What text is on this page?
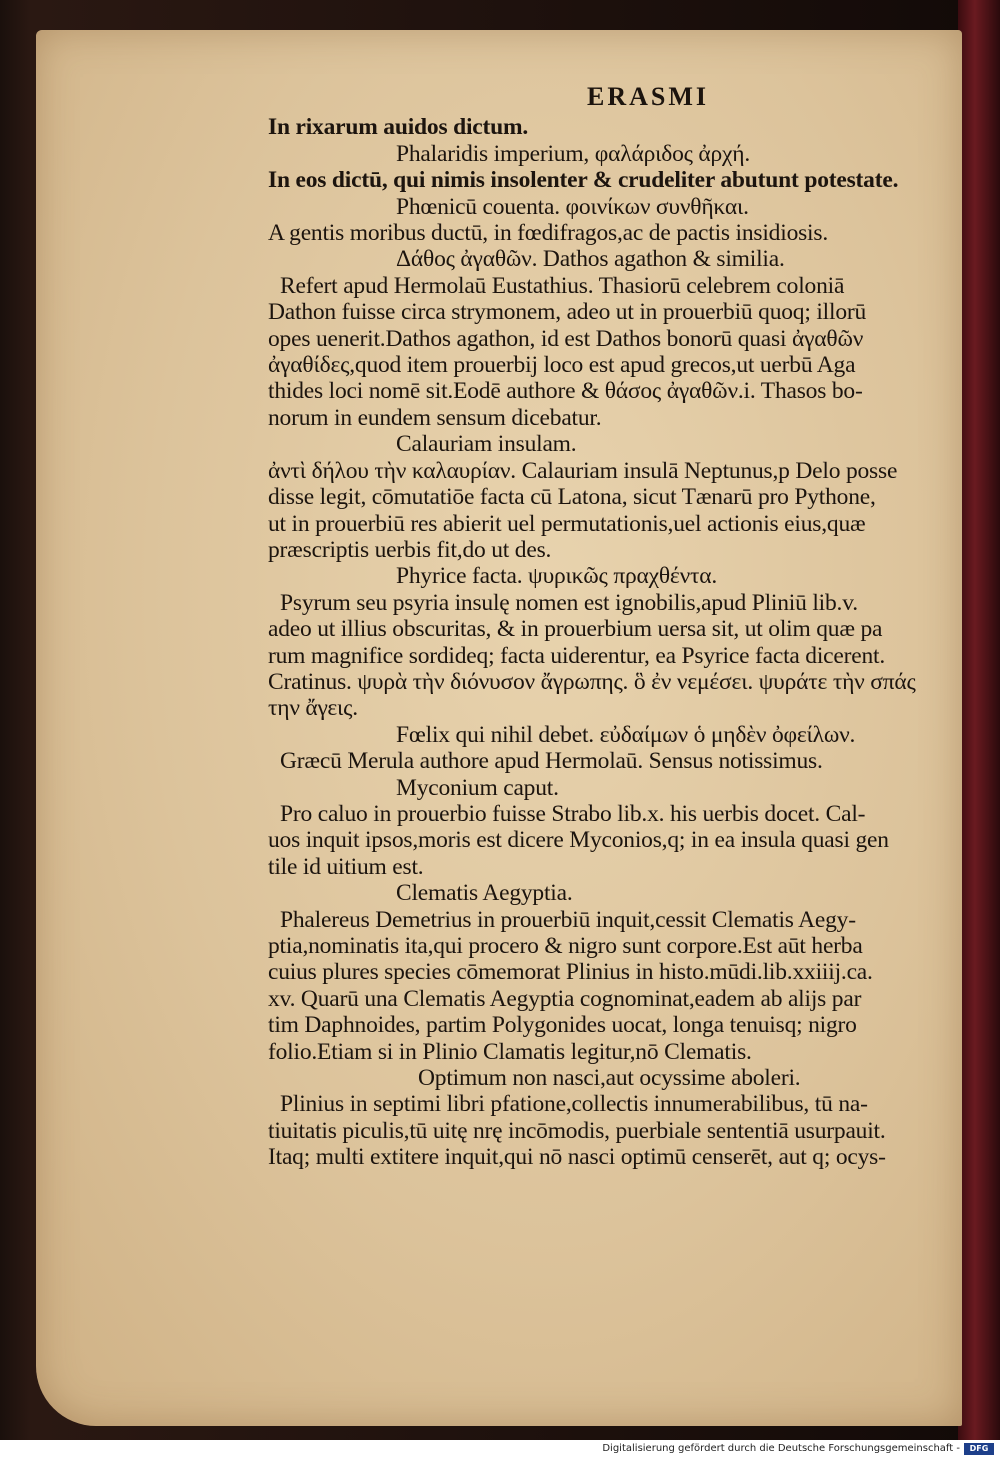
ERASMI
In rixarum auidos dictum.
Phalaridis imperium, φαλάριδος ἀρχή.
In eos dictū, qui nimis insolenter & crudeliter abutunt potestate.
Phœnicū couenta. φοινίκων συνθῆκαι.
A gentis moribus ductū, in fœdifragos,ac de pactis insidiosis.
Δάθος ἀγαθῶν. Dathos agathon & similia.
Refert apud Hermolaū Eustathius. Thasiorū celebrem coloniā
Dathon fuisse circa strymonem, adeo ut in prouerbiū quoq; illorū
opes uenerit.Dathos agathon, id est Dathos bonorū quasi ἀγαθῶν
ἀγαθίδες,quod item prouerbij loco est apud grecos,ut uerbū Aga
thides loci nomē sit.Eodē authore & θάσος ἀγαθῶν.i. Thasos bo-
norum in eundem sensum dicebatur.
Calauriam insulam.
ἀντὶ δήλου τὴν καλαυρίαν. Calauriam insulā Neptunus,p Delo posse
disse legit, cōmutatiōe facta cū Latona, sicut Tænarū pro Pythone,
ut in prouerbiū res abierit uel permutationis,uel actionis eius,quæ
præscriptis uerbis fit,do ut des.
Phyrice facta. ψυρικῶς πραχθέντα.
Psyrum seu psyria insulę nomen est ignobilis,apud Pliniū lib.v.
adeo ut illius obscuritas, & in prouerbium uersa sit, ut olim quæ pa
rum magnifice sordideq; facta uiderentur, ea Psyrice facta dicerent.
Cratinus. ψυρὰ τὴν διόνυσον ἄγρωπης. ὃ ἐν νεμέσει. ψυράτε τὴν σπάς
την ἄγεις.
Fœlix qui nihil debet. εὐδαίμων ὁ μηδὲν ὀφείλων.
Græcū Merula authore apud Hermolaū. Sensus notissimus.
Myconium caput.
Pro caluo in prouerbio fuisse Strabo lib.x. his uerbis docet. Cal-
uos inquit ipsos,moris est dicere Myconios,q; in ea insula quasi gen
tile id uitium est.
Clematis Aegyptia.
Phalereus Demetrius in prouerbiū inquit,cessit Clematis Aegy-
ptia,nominatis ita,qui procero & nigro sunt corpore.Est aūt herba
cuius plures species cōmemorat Plinius in histo.mūdi.lib.xxiiij.ca.
xv. Quarū una Clematis Aegyptia cognominat,eadem ab alijs par
tim Daphnoides, partim Polygonides uocat, longa tenuisq; nigro
folio.Etiam si in Plinio Clamatis legitur,nō Clematis.
Optimum non nasci,aut ocyssime aboleri.
Plinius in septimi libri pfatione,collectis innumerabilibus, tū na-
tiuitatis piculis,tū uitę nrę incōmodis, puerbiale sententiā usurpauit.
Itaq; multi extitere inquit,qui nō nasci optimū censerēt, aut q; ocys-
Digitalisierung gefördert durch die Deutsche Forschungsgemeinschaft -	DFG
